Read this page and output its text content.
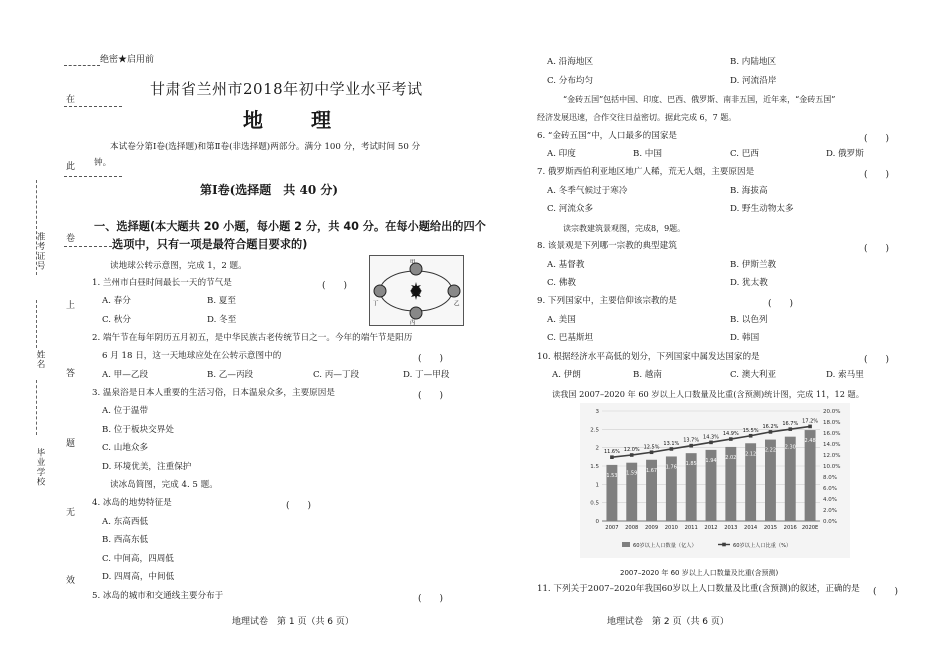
　　　　绝密★启用前
在
此
卷
上
答
题
无
效
准考证号
姓名
毕业学校
甘肃省兰州市2018年初中学业水平考试
地　理
本试卷分第Ⅰ卷(选择题)和第Ⅱ卷(非选择题)两部分。满分 100 分，考试时间 50 分
钟。
第Ⅰ卷(选择题　共 40 分)
一、选择题(本大题共 20 小题，每小题 2 分，共 40 分。在每小题给出的四个
选项中，只有一项是最符合题目要求的)
读地球公转示意图，完成 1，2 题。
1. 兰州市白昼时间最长一天的节气是	(　　)
A. 春分	B. 夏至
C. 秋分	D. 冬至
甲
乙
丙
丁
2. 端午节在每年阴历五月初五，是中华民族古老传统节日之一。今年的端午节是阳历
6 月 18 日，这一天地球应处在公转示意图中的	(　　)
A. 甲—乙段	B. 乙—丙段	C. 丙—丁段	D. 丁—甲段
3. 温泉浴是日本人重要的生活习俗，日本温泉众多，主要原因是	(　　)
A. 位于温带
B. 位于板块交界处
C. 山地众多
D. 环境优美，注重保护
读冰岛简图，完成 4. 5 题。
4. 冰岛的地势特征是	(　　)
A. 东高西低
B. 西高东低
C. 中间高，四周低
D. 四周高，中间低
5. 冰岛的城市和交通线主要分布于	(　　)
地理试卷　第 1 页（共 6 页）
A. 沿海地区	B. 内陆地区
C. 分布均匀	D. 河流沿岸
“金砖五国”包括中国、印度、巴西、俄罗斯、南非五国，近年来，“金砖五国”
经济发展迅速，合作交往日益密切。据此完成 6，7 题。
6. “金砖五国”中，人口最多的国家是	(　　)
A. 印度	B. 中国	C. 巴西	D. 俄罗斯
7. 俄罗斯西伯利亚地区地广人稀，荒无人烟，主要原因是	(　　)
A. 冬季气候过于寒冷	B. 海拔高
C. 河流众多	D. 野生动物太多
读宗教建筑景观图，完成8，9题。
8. 该景观是下列哪一宗教的典型建筑	(　　)
A. 基督教	B. 伊斯兰教
C. 佛教	D. 犹太教
9. 下列国家中，主要信仰该宗教的是	(　　)
A. 美国	B. 以色列
C. 巴基斯坦	D. 韩国
10. 根据经济水平高低的划分，下列国家中属发达国家的是	(　　)
A. 伊朗	B. 越南	C. 澳大利亚	D. 索马里
读我国 2007–2020 年 60 岁以上人口数量及比重(含预测)统计图，完成 11，12 题。
0
0.5
1
1.5
2
2.5
3
0.0%
2.0%
4.0%
6.0%
8.0%
10.0%
12.0%
14.0%
16.0%
18.0%
20.0%
1.53
2007
1.59
2008
1.67
2009
1.76
2010
1.85
2011
1.94
2012
2.02
2013
2.12
2014
2.22
2015
2.30
2016
2.48
2020E
11.6% 12.0% 12.5%
13.1%
13.7%
14.3%
14.9%
15.5%
16.2% 16.7% 17.2%
60岁以上人口数量（亿人）	60岁以上人口比重（%）
2007–2020 年 60 岁以上人口数量及比重(含预测)
11. 下列关于2007–2020年我国60岁以上人口数量及比重(含预测)的叙述，正确的是 (　　)
地理试卷　第 2 页（共 6 页）
